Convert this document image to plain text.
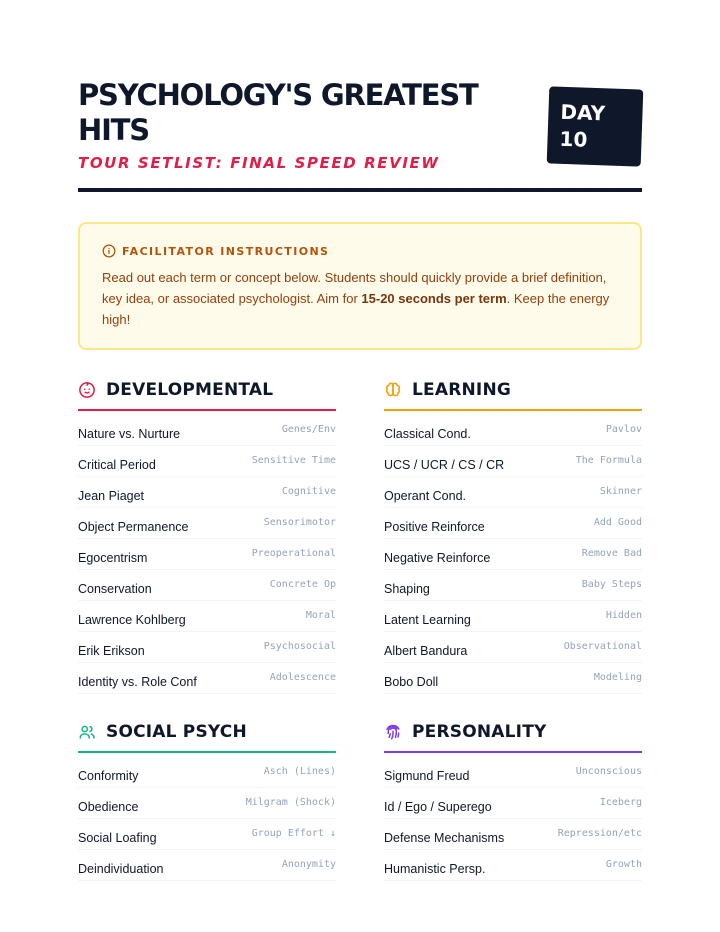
PSYCHOLOGY'S GREATEST HITS
TOUR SETLIST: FINAL SPEED REVIEW
DAY
10
FACILITATOR INSTRUCTIONS
Read out each term or concept below. Students should quickly provide a brief definition, key idea, or associated psychologist. Aim for 15-20 seconds per term. Keep the energy high!
DEVELOPMENTAL
Nature vs. Nurture	Genes/Env
Critical Period	Sensitive Time
Jean Piaget	Cognitive
Object Permanence	Sensorimotor
Egocentrism	Preoperational
Conservation	Concrete Op
Lawrence Kohlberg	Moral
Erik Erikson	Psychosocial
Identity vs. Role Conf	Adolescence
LEARNING
Classical Cond.	Pavlov
UCS / UCR / CS / CR	The Formula
Operant Cond.	Skinner
Positive Reinforce	Add Good
Negative Reinforce	Remove Bad
Shaping	Baby Steps
Latent Learning	Hidden
Albert Bandura	Observational
Bobo Doll	Modeling
SOCIAL PSYCH
Conformity	Asch (Lines)
Obedience	Milgram (Shock)
Social Loafing	Group Effort ↓
Deindividuation	Anonymity
PERSONALITY
Sigmund Freud	Unconscious
Id / Ego / Superego	Iceberg
Defense Mechanisms	Repression/etc
Humanistic Persp.	Growth
